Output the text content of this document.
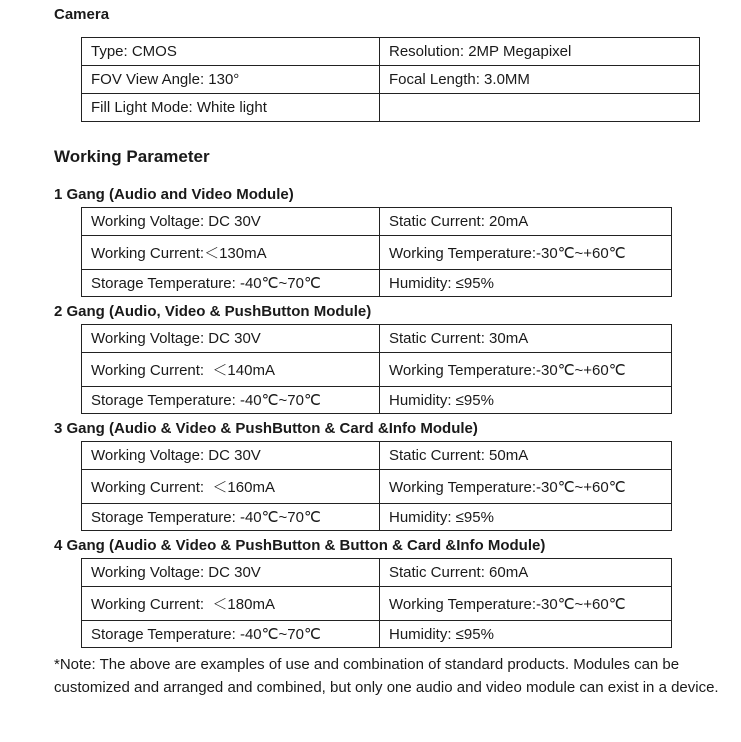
Camera
Type: CMOS	Resolution: 2MP Megapixel
FOV View Angle: 130°	Focal Length: 3.0MM
Fill Light Mode: White light	
Working Parameter
1 Gang (Audio and Video Module)
Working Voltage: DC 30V	Static Current: 20mA
Working Current:＜130mA	Working Temperature:-30℃~+60℃
Storage Temperature: -40℃~70℃	Humidity: ≤95%
2 Gang (Audio, Video & PushButton Module)
Working Voltage: DC 30V	Static Current: 30mA
Working Current:  ＜140mA	Working Temperature:-30℃~+60℃
Storage Temperature: -40℃~70℃	Humidity: ≤95%
3 Gang (Audio & Video & PushButton & Card &Info Module)
Working Voltage: DC 30V	Static Current: 50mA
Working Current:  ＜160mA	Working Temperature:-30℃~+60℃
Storage Temperature: -40℃~70℃	Humidity: ≤95%
4 Gang (Audio & Video & PushButton & Button & Card &Info Module)
Working Voltage: DC 30V	Static Current: 60mA
Working Current:  ＜180mA	Working Temperature:-30℃~+60℃
Storage Temperature: -40℃~70℃	Humidity: ≤95%

*Note: The above are examples of use and combination of standard products. Modules can be customized and arranged and combined, but only one audio and video module can exist in a device.
